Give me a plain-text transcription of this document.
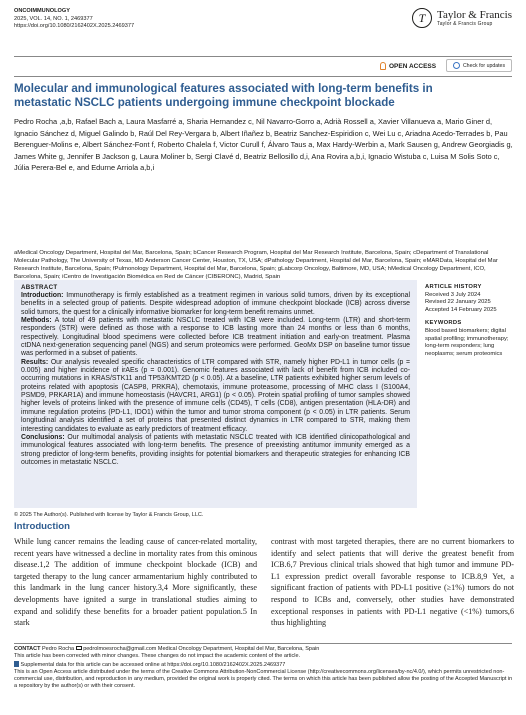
ONCOIMMUNOLOGY
2025, VOL. 14, NO. 1, 2469377
https://doi.org/10.1080/2162402X.2025.2469377
T	Taylor & Francis
Taylor & Francis Group
OPEN ACCESS	Check for updates
Molecular and immunological features associated with long-term benefits in metastatic NSCLC patients undergoing immune checkpoint blockade
Pedro Rocha ,a,b, Rafael Bach a, Laura Masfarré a, Sharia Hernandez c, Nil Navarro-Gorro a, Adrià Rossell a, Xavier Villanueva a, Mario Giner d, Ignacio Sánchez d, Miguel Galindo b, Raúl Del Rey-Vergara b, Albert Iñañez b, Beatriz Sanchez-Espiridion c, Wei Lu c, Ariadna Acedo-Terrades b, Pau Berenguer-Molins e, Albert Sánchez-Font f, Roberto Chalela f, Victor Curull f, Álvaro Taus a, Max Hardy-Werbin a, Mark Sausen g, Andrew Georgiadis g, James White g, Jennifer B Jackson g, Laura Moliner b, Sergi Clavé d, Beatriz Bellosillo d,i, Ana Rovira a,b,i, Ignacio Wistuba c, Luisa M Solis Soto c, Júlia Perera-Bel e, and Edurne Arriola a,b,i
aMedical Oncology Department, Hospital del Mar, Barcelona, Spain; bCancer Research Program, Hospital del Mar Research Institute, Barcelona, Spain; cDepartment of Translational Molecular Pathology, The University of Texas, MD Anderson Cancer Center, Houston, TX, USA; dPathology Department, Hospital del Mar, Barcelona, Spain; eMARData, Hospital del Mar Research Institute, Barcelona, Spain; fPulmonology Department, Hospital del Mar, Barcelona, Spain; gLabcorp Oncology, Baltimore, MD, USA; hMedical Oncology Department, ICO, Barcelona, Spain; iCentro de Investigación Biomédica en Red de Cáncer (CIBERONC), Madrid, Spain
ABSTRACT
Introduction: Immunotherapy is firmly established as a treatment regimen in various solid tumors, driven by its exceptional benefits in a selected group of patients. Despite widespread adoption of immune checkpoint blockade (ICB) across diverse solid tumors, the quest for a clinically informative biomarker for long-term benefit remains unmet.
Methods: A total of 49 patients with metastatic NSCLC treated with ICB were included. Long-term (LTR) and short-term responders (STR) were defined as those with a response to ICB lasting more than 24 months or less than 6 months, respectively. Longitudinal blood specimens were collected before ICB treatment initiation and early-on treatment. Plasma ctDNA next-generation sequencing panel (NGS) and serum proteomics were performed. GeoMx DSP on baseline tumor tissue was performed in a subset of patients.
Results: Our analysis revealed specific characteristics of LTR compared with STR, namely higher PD-L1 in tumor cells (p = 0.005) and higher incidence of irAEs (p = 0.001). Genomic features associated with lack of benefit from ICB included co-occurring mutations in KRAS/STK11 and TP53/KMT2D (p < 0.05). At a baseline, LTR patients exhibited higher serum levels of proteins related with apoptosis (CASP8, PRKRA), chemotaxis, immune proteasome, processing of MHC class I (S100A4, PSMD9, PRKAR1A) and immune homeostasis (HAVCR1, ARG1) (p < 0.05). Protein spatial profiling of tumor samples showed higher levels of proteins linked with the presence of immune cells (CD45), T cells (CD8), antigen presentation (HLA-DR) and immune regulation proteins (PD-L1, IDO1) within the tumor and tumor stroma component (p < 0.05) in LTR patients. Serum longitudinal analysis identified a set of proteins that presented distinct dynamics in LTR compared to STR, making them interesting candidates to evaluate as early predictors of treatment efficacy.
Conclusions: Our multimodal analysis of patients with metastatic NSCLC treated with ICB identified clinicopathological and immunological features associated with long-term benefits. The presence of preexisting antitumor immunity emerged as a strong predictor of long-term benefits, providing insights for potential biomarkers and therapeutic strategies for enhancing ICB outcomes in metastatic NSCLC.
ARTICLE HISTORY
Received 3 July 2024
Revised 22 January 2025
Accepted 14 February 2025
KEYWORDS
Blood based biomarkers; digital spatial profiling; immunotherapy; long-term responders; lung neoplasms; serum proteomics
© 2025 The Author(s). Published with license by Taylor & Francis Group, LLC.
Introduction
While lung cancer remains the leading cause of cancer-related mortality, recent years have witnessed a decline in mortality rates from this ominous disease.1,2 The addition of immune checkpoint blockade (ICB) and targeted therapy to the lung cancer armamentarium highly contributed to this landmark in the lung cancer history.3,4 More significantly, these developments have ignited a surge in translational studies aiming to expand and solidify these benefits for a broader patient population.5 In stark
contrast with most targeted therapies, there are no current biomarkers to identify and select patients that will derive the greatest benefit from ICB.6,7 Previous clinical trials showed that high tumor and immune PD-L1 expression predict overall favorable response to ICB.8,9 Yet, a significant fraction of patients with PD-L1 positive (≥1%) tumors do not respond to ICBs and, conversely, other studies have demonstrated exceptional responses in patients with PD-L1 negative (<1%) tumors,6 thus highlighting
CONTACT Pedro Rocha pedrolmoesrocha@gmail.com Medical Oncology Department, Hospital del Mar, Barcelona, Spain
This article has been corrected with minor changes. These changes do not impact the academic content of the article.
Supplemental data for this article can be accessed online at https://doi.org/10.1080/2162402X.2025.2469377
This is an Open Access article distributed under the terms of the Creative Commons Attribution-NonCommercial License (http://creativecommons.org/licenses/by-nc/4.0/), which permits unrestricted non-commercial use, distribution, and reproduction in any medium, provided the original work is properly cited. The terms on which this article has been published allow the posting of the Accepted Manuscript in a repository by the author(s) or with their consent.
